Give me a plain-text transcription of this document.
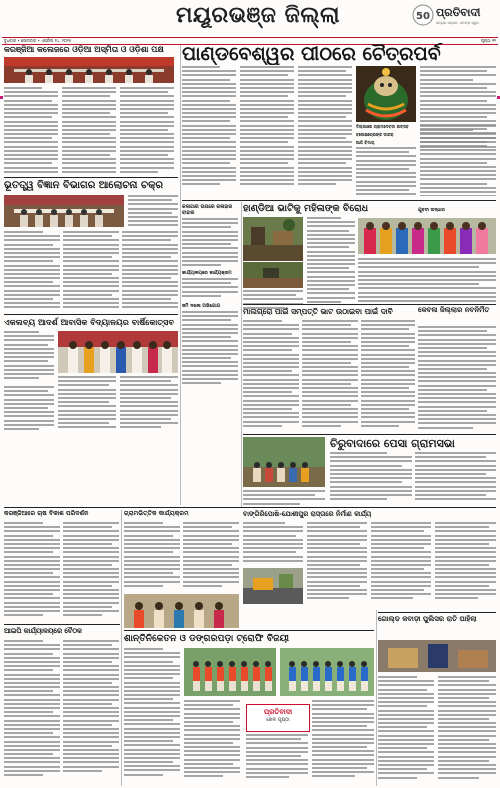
ମୟୂରଭଞ୍ଜ ଜିଲ୍ଲା	50 ପ୍ରତିବାଦୀ
ସତ୍ୟର ସନ୍ଧାନ, ଜନଙ୍କ ସ୍ୱର
ବୁଧବାର • ସୋମବାର • ଏପ୍ରିଲ ୧୪, ୨୦୨୫	ପୃଷ୍ଠା ୧୧
କରଞ୍ଜିଆ କଲେଜରେ ଓଡ଼ିଆ ଅସ୍ମିତା ଓ ଓଡ଼ିଶା ପକ୍ଷ ପାଣ୍ଡବେଶ୍ୱର ପୀଠରେ ଚୈତ୍ରପର୍ବ
ଦିଲ୍ଲୀରେ ଗ୍ରାମଦେବତୀ ଉତ୍ସବ
ବଲେଇଚୋରଙ୍କ ଡାକରା
ଆଜି ବିଦାୟ
ଭୂତତ୍ତ୍ୱ ବିଜ୍ଞାନ ବିଭାଗର ଆଲୋଚନା ଚକ୍ର
କଳାଗାର ଉପରେ କଳାହାର ବାହାର	ହାଣ୍ଡିଆ ଭାଟିକୁ ମହିଳାଙ୍କ ବିରୋଧ	ଯୁବତୀ ଉଦ୍ଧାର
କାର୍ଯ୍ୟାଳୟରେ କାର୍ଯ୍ୟକ୍ରମ
ଜମି ଦଖଲ ଅଭିଯୋଗ
ମାଲଗ୍ରୋ ପାଇଁ ସମ୍ପତ୍ତି ଭାଟ ଉଠାଇବା ପାଇଁ ଦାବି	କେବଳା ଜିଲ୍ଲାର ନବନିର୍ମିତ
ଏକଲବ୍ୟ ଆଦର୍ଶ ଆବାସିକ ବିଦ୍ୟାଳୟର ବାର୍ଷିକୋତ୍ସବ
ଚିରୁବାଦାରେ ପେସା ଗ୍ରାମସଭା
କରଞ୍ଜିଆରେ ଚାଷ ବିକାଶ ପରିଦର୍ଶନ	ଗ୍ରାମଭିତ୍ତିକ କାର୍ଯ୍ୟକ୍ରମ	ବାଙ୍ଗିରିପୋଷି-ଯୋଶୀପୁର ରାସ୍ତାରେ ନିର୍ମାଣ କାର୍ଯ୍ୟ
ଆଇପି କାର୍ଯ୍ୟାଳୟରେ ବୈଠକ
ଶାନ୍ତିନିକେତନ ଓ ଡଙ୍ଗରପଡ଼ା ଟ୍ରୋଫି ବିଜୟୀ
ପ୍ରତିବାଦୀ
ଖେଳ ପୃଷ୍ଠା
ଗୋଲ୍ଡ କବାଡ଼ୀ ପୁଲିସର ରାତି ପାହିଲା
